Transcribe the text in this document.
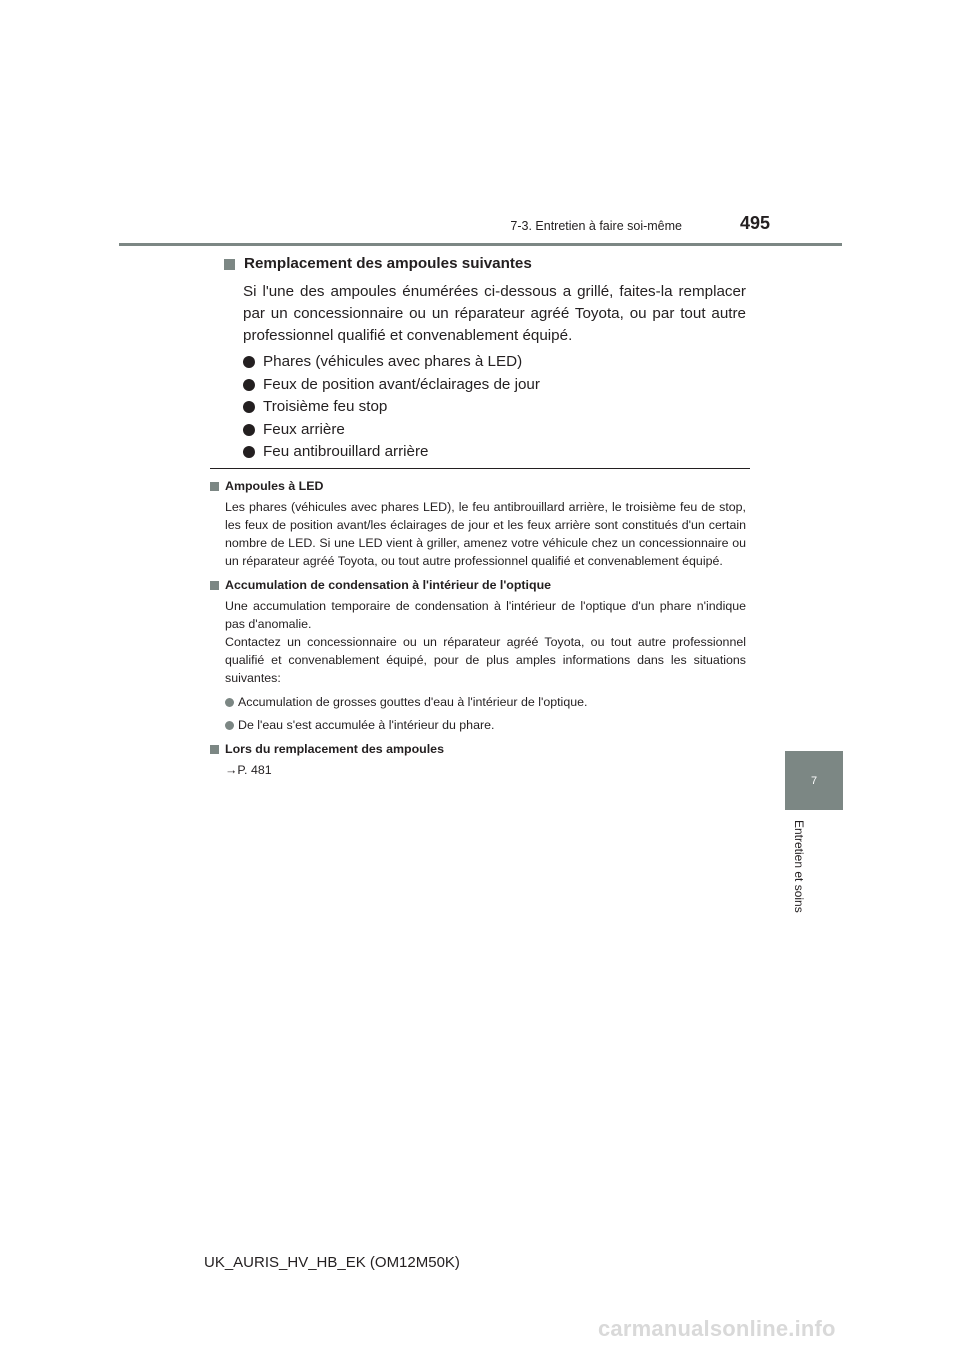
7-3. Entretien à faire soi-même	495
7
Entretien et soins
Remplacement des ampoules suivantes

Si l'une des ampoules énumérées ci-dessous a grillé, faites-la remplacer par un concessionnaire ou un réparateur agréé Toyota, ou par tout autre professionnel qualifié et convenablement équipé.

Phares (véhicules avec phares à LED)
Feux de position avant/éclairages de jour
Troisième feu stop
Feux arrière
Feu antibrouillard arrière
Ampoules à LED

Les phares (véhicules avec phares LED), le feu antibrouillard arrière, le troisième feu de stop, les feux de position avant/les éclairages de jour et les feux arrière sont constitués d'un certain nombre de LED. Si une LED vient à griller, amenez votre véhicule chez un concessionnaire ou un réparateur agréé Toyota, ou tout autre professionnel qualifié et convenablement équipé.

Accumulation de condensation à l'intérieur de l'optique

Une accumulation temporaire de condensation à l'intérieur de l'optique d'un phare n'indique pas d'anomalie.

Contactez un concessionnaire ou un réparateur agréé Toyota, ou tout autre professionnel qualifié et convenablement équipé, pour de plus amples informations dans les situations suivantes:

Accumulation de grosses gouttes d'eau à l'intérieur de l'optique.
De l'eau s'est accumulée à l'intérieur du phare.
Lors du remplacement des ampoules
→P. 481
UK_AURIS_HV_HB_EK (OM12M50K)
carmanualsonline.info
